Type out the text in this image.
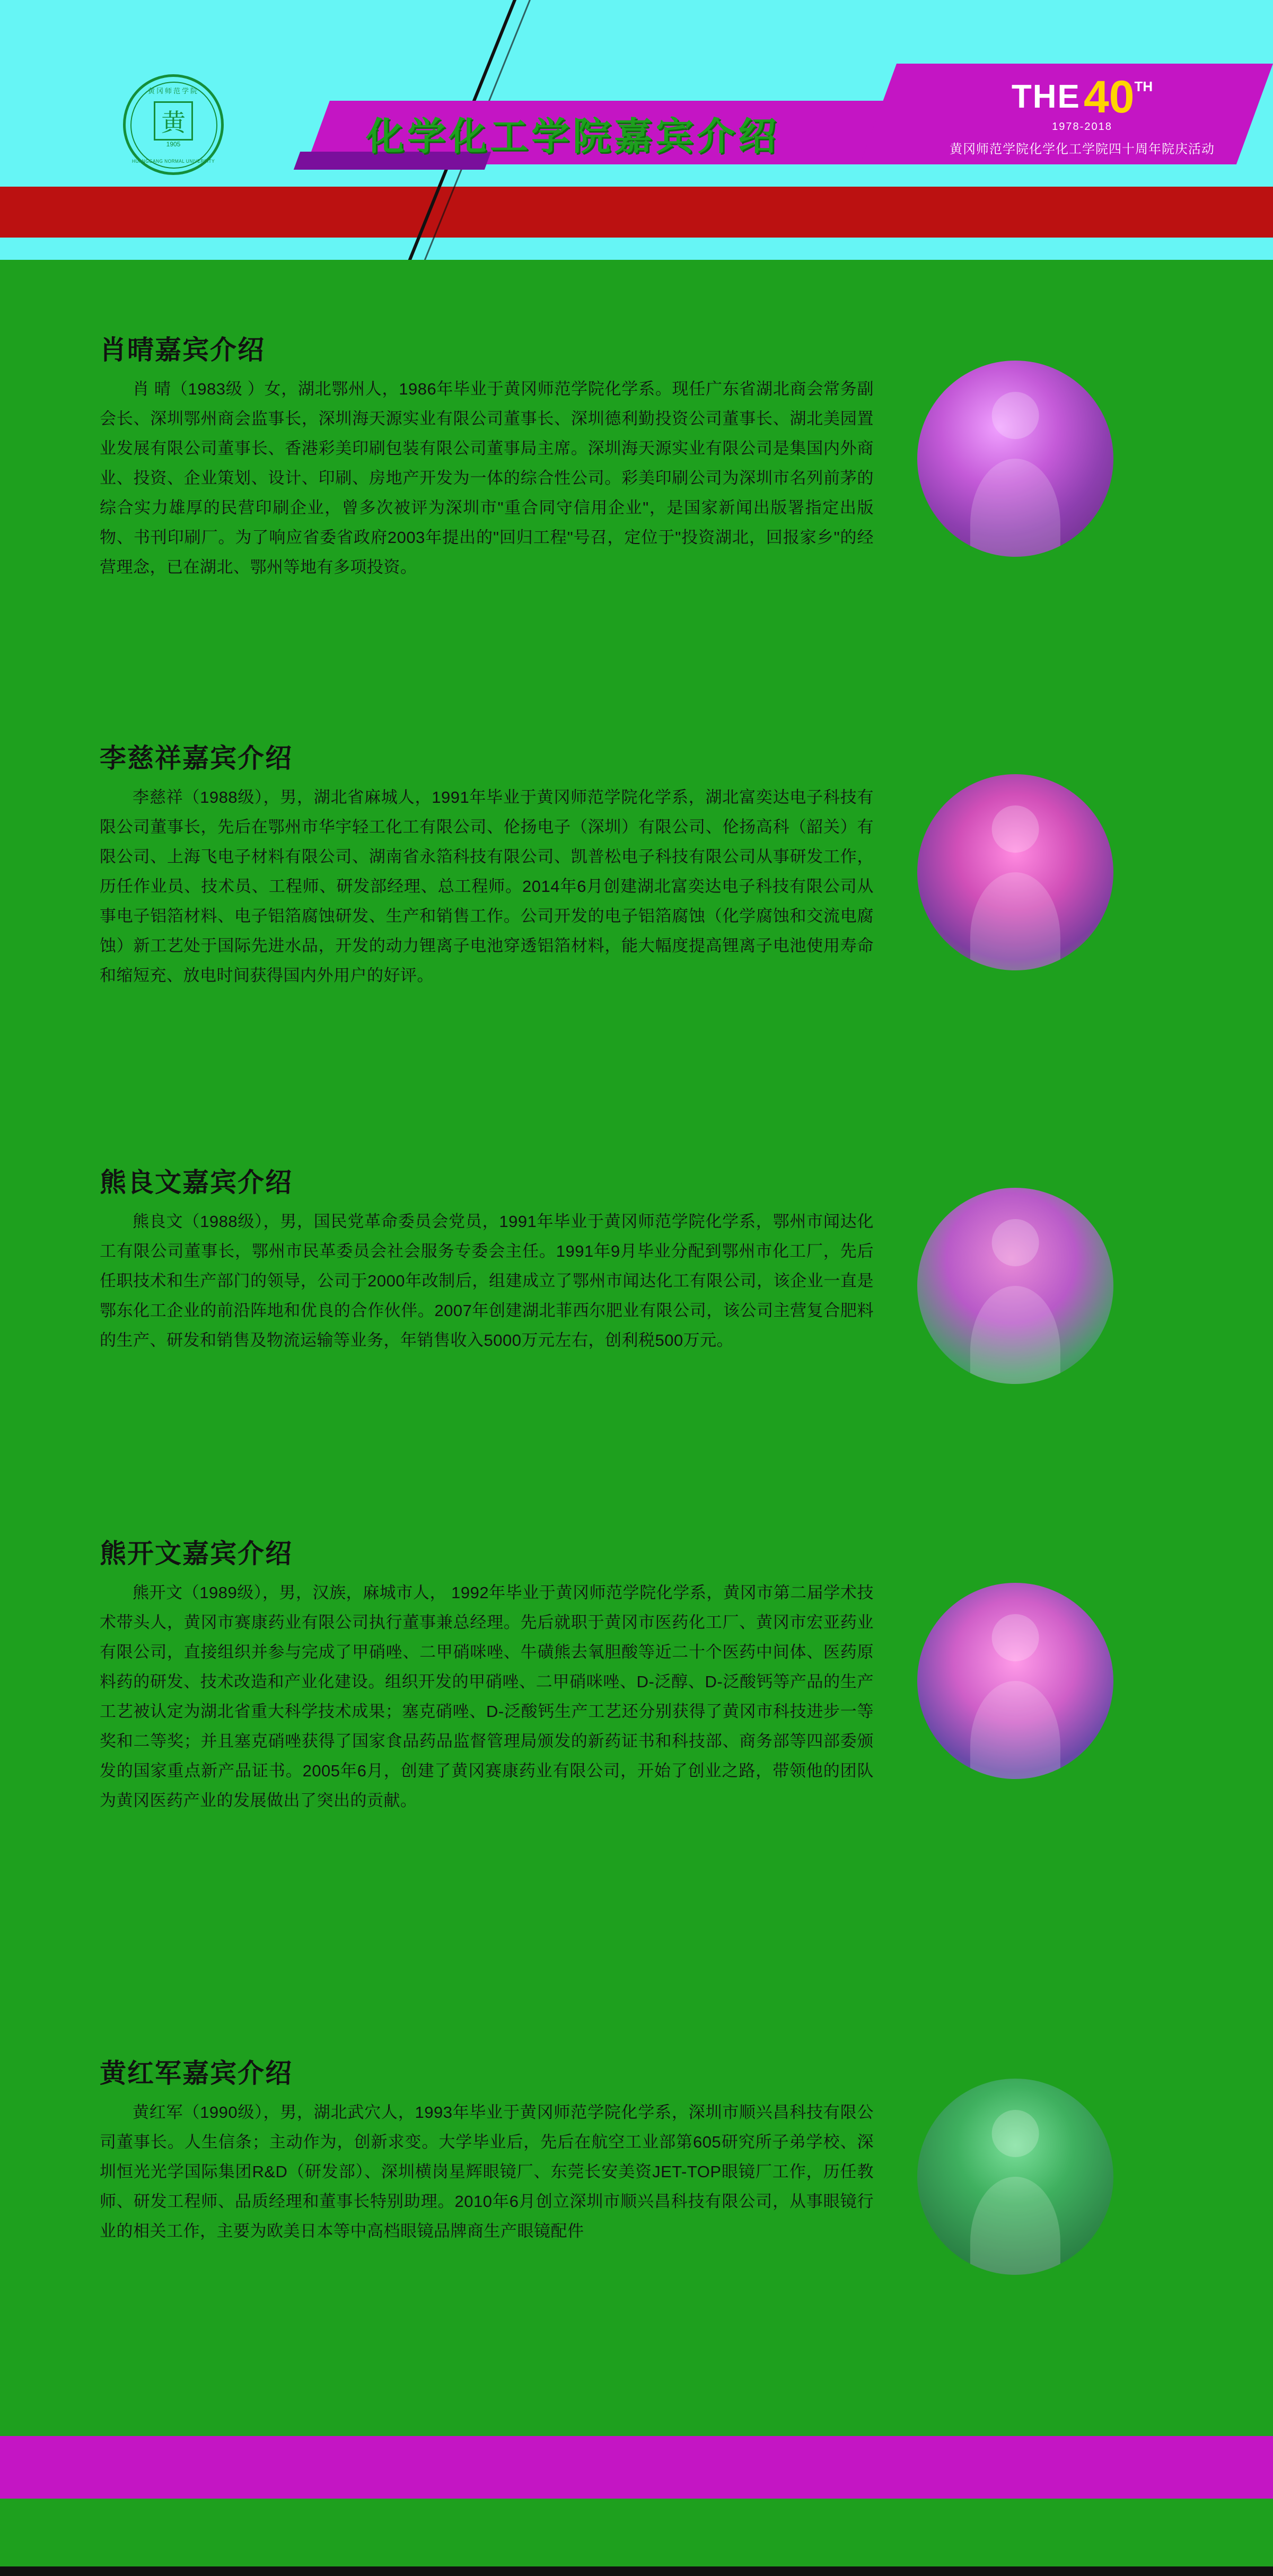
黄冈师范学院
黄
1905
HUANGGANG NORMAL UNIVERSITY
化学化工学院嘉宾介绍
THE40TH
1978-2018
黄冈师范学院化学化工学院四十周年院庆活动
肖晴嘉宾介绍
肖 晴（1983级 ）女，湖北鄂州人，1986年毕业于黄冈师范学院化学系。现任广东省湖北商会常务副会长、深圳鄂州商会监事长，深圳海天源实业有限公司董事长、深圳德利勤投资公司董事长、湖北美园置业发展有限公司董事长、香港彩美印刷包装有限公司董事局主席。深圳海天源实业有限公司是集国内外商业、投资、企业策划、设计、印刷、房地产开发为一体的综合性公司。彩美印刷公司为深圳市名列前茅的综合实力雄厚的民营印刷企业，曾多次被评为深圳市"重合同守信用企业"，是国家新闻出版署指定出版物、书刊印刷厂。为了响应省委省政府2003年提出的"回归工程"号召，定位于"投资湖北，回报家乡"的经营理念，已在湖北、鄂州等地有多项投资。
李慈祥嘉宾介绍
李慈祥（1988级），男，湖北省麻城人，1991年毕业于黄冈师范学院化学系，湖北富奕达电子科技有限公司董事长，先后在鄂州市华宇轻工化工有限公司、伦扬电子（深圳）有限公司、伦扬高科（韶关）有限公司、上海飞电子材料有限公司、湖南省永箔科技有限公司、凯普松电子科技有限公司从事研发工作，历任作业员、技术员、工程师、研发部经理、总工程师。2014年6月创建湖北富奕达电子科技有限公司从事电子铝箔材料、电子铝箔腐蚀研发、生产和销售工作。公司开发的电子铝箔腐蚀（化学腐蚀和交流电腐蚀）新工艺处于国际先进水品，开发的动力锂离子电池穿透铝箔材料，能大幅度提高锂离子电池使用寿命和缩短充、放电时间获得国内外用户的好评。
熊良文嘉宾介绍
熊良文（1988级），男，国民党革命委员会党员，1991年毕业于黄冈师范学院化学系，鄂州市闻达化工有限公司董事长，鄂州市民革委员会社会服务专委会主任。1991年9月毕业分配到鄂州市化工厂，先后任职技术和生产部门的领导，公司于2000年改制后，组建成立了鄂州市闻达化工有限公司，该企业一直是鄂东化工企业的前沿阵地和优良的合作伙伴。2007年创建湖北菲西尔肥业有限公司，该公司主营复合肥料的生产、研发和销售及物流运输等业务，年销售收入5000万元左右，创利税500万元。
熊开文嘉宾介绍
熊开文（1989级），男，汉族，麻城市人， 1992年毕业于黄冈师范学院化学系，黄冈市第二届学术技术带头人，黄冈市赛康药业有限公司执行董事兼总经理。先后就职于黄冈市医药化工厂、黄冈市宏亚药业有限公司，直接组织并参与完成了甲硝唑、二甲硝咪唑、牛磺熊去氧胆酸等近二十个医药中间体、医药原料药的研发、技术改造和产业化建设。组织开发的甲硝唑、二甲硝咪唑、D-泛醇、D-泛酸钙等产品的生产工艺被认定为湖北省重大科学技术成果；塞克硝唑、D-泛酸钙生产工艺还分别获得了黄冈市科技进步一等奖和二等奖；并且塞克硝唑获得了国家食品药品监督管理局颁发的新药证书和科技部、商务部等四部委颁发的国家重点新产品证书。2005年6月，创建了黄冈赛康药业有限公司，开始了创业之路，带领他的团队为黄冈医药产业的发展做出了突出的贡献。
黄红军嘉宾介绍
黄红军（1990级），男，湖北武穴人，1993年毕业于黄冈师范学院化学系，深圳市顺兴昌科技有限公司董事长。人生信条；主动作为，创新求变。大学毕业后，先后在航空工业部第605研究所子弟学校、深圳恒光光学国际集团R&D（研发部）、深圳横岗星辉眼镜厂、东莞长安美资JET-TOP眼镜厂工作，历任教师、研发工程师、品质经理和董事长特别助理。2010年6月创立深圳市顺兴昌科技有限公司，从事眼镜行业的相关工作，主要为欧美日本等中高档眼镜品牌商生产眼镜配件
